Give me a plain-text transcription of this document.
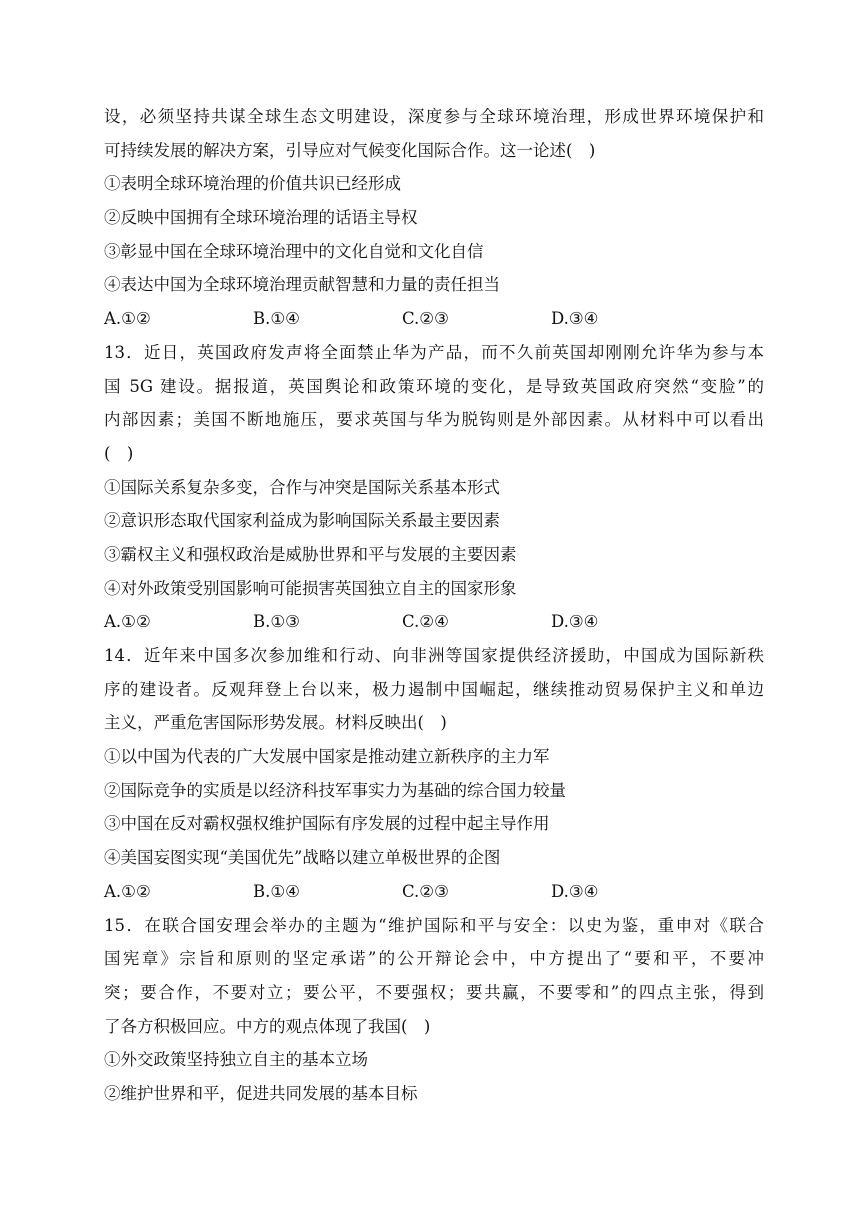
设，必须坚持共谋全球生态文明建设，深度参与全球环境治理，形成世界环境保护和
可持续发展的解决方案，引导应对气候变化国际合作。这一论述(　)
①表明全球环境治理的价值共识已经形成
②反映中国拥有全球环境治理的话语主导权
③彰显中国在全球环境治理中的文化自觉和文化自信
④表达中国为全球环境治理贡献智慧和力量的责任担当
A.①②	B.①④	C.②③	D.③④
13．近日，英国政府发声将全面禁止华为产品，而不久前英国却刚刚允许华为参与本
国 5G 建设。据报道，英国舆论和政策环境的变化，是导致英国政府突然“变脸”的
内部因素；美国不断地施压，要求英国与华为脱钩则是外部因素。从材料中可以看出
(　)
①国际关系复杂多变，合作与冲突是国际关系基本形式
②意识形态取代国家利益成为影响国际关系最主要因素
③霸权主义和强权政治是威胁世界和平与发展的主要因素
④对外政策受别国影响可能损害英国独立自主的国家形象
A.①②	B.①③	C.②④	D.③④
14．近年来中国多次参加维和行动、向非洲等国家提供经济援助，中国成为国际新秩
序的建设者。反观拜登上台以来，极力遏制中国崛起，继续推动贸易保护主义和单边
主义，严重危害国际形势发展。材料反映出(　)
①以中国为代表的广大发展中国家是推动建立新秩序的主力军
②国际竞争的实质是以经济科技军事实力为基础的综合国力较量
③中国在反对霸权强权维护国际有序发展的过程中起主导作用
④美国妄图实现“美国优先”战略以建立单极世界的企图
A.①②	B.①④	C.②③	D.③④
15．在联合国安理会举办的主题为“维护国际和平与安全：以史为鉴，重申对《联合
国宪章》宗旨和原则的坚定承诺”的公开辩论会中，中方提出了“要和平，不要冲
突；要合作，不要对立；要公平，不要强权；要共赢，不要零和”的四点主张，得到
了各方积极回应。中方的观点体现了我国(　)
①外交政策坚持独立自主的基本立场
②维护世界和平，促进共同发展的基本目标
